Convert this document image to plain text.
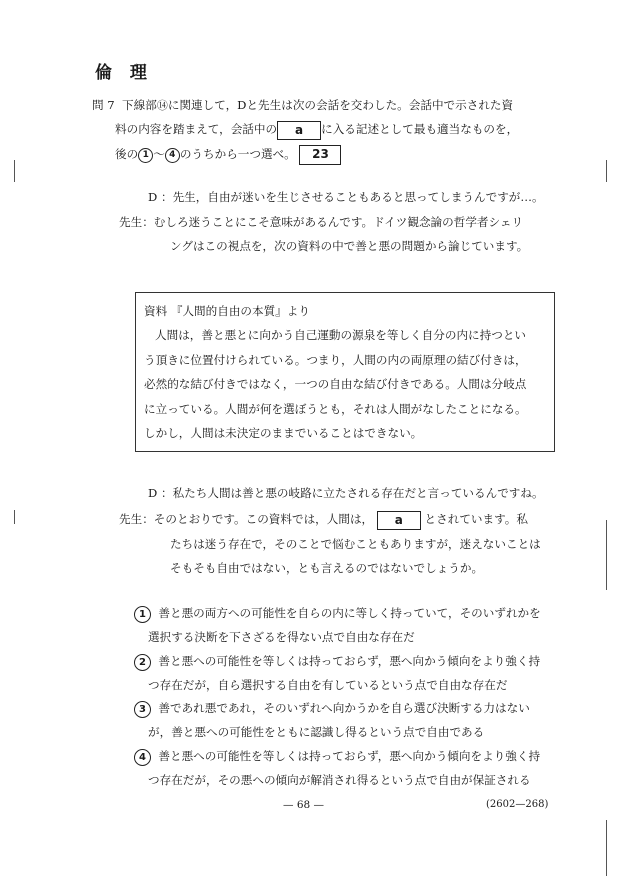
倫 理
問 7 下線部⑭に関連して，Dと先生は次の会話を交わした。会話中で示された資
料の内容を踏まえて，会話中の a に入る記述として最も適当なものを，
後の 1 〜 4 のうちから一つ選べ。 23
D ：先生，自由が迷いを生じさせることもあると思ってしまうんですが…。
先生：むしろ迷うことにこそ意味があるんです。ドイツ観念論の哲学者シェリ
ングはこの視点を，次の資料の中で善と悪の問題から論じています。
資料 『人間的自由の本質』より
人間は，善と悪とに向かう自己運動の源泉を等しく自分の内に持つとい
う頂きに位置付けられている。つまり，人間の内の両原理の結び付きは，
必然的な結び付きではなく，一つの自由な結び付きである。人間は分岐点
に立っている。人間が何を選ぼうとも，それは人間がなしたことになる。
しかし，人間は未決定のままでいることはできない。
D ：私たち人間は善と悪の岐路に立たされる存在だと言っているんですね。
先生：そのとおりです。この資料では，人間は， a とされています。私
たちは迷う存在で，そのことで悩むこともありますが，迷えないことは
そもそも自由ではない，とも言えるのではないでしょうか。
1 善と悪の両方への可能性を自らの内に等しく持っていて，そのいずれかを
選択する決断を下さざるを得ない点で自由な存在だ
2 善と悪への可能性を等しくは持っておらず，悪へ向かう傾向をより強く持
つ存在だが，自ら選択する自由を有しているという点で自由な存在だ
3 善であれ悪であれ，そのいずれへ向かうかを自ら選び決断する力はない
が，善と悪への可能性をともに認識し得るという点で自由である
4 善と悪への可能性を等しくは持っておらず，悪へ向かう傾向をより強く持
つ存在だが，その悪への傾向が解消され得るという点で自由が保証される
— 68 —	(2602—268)
